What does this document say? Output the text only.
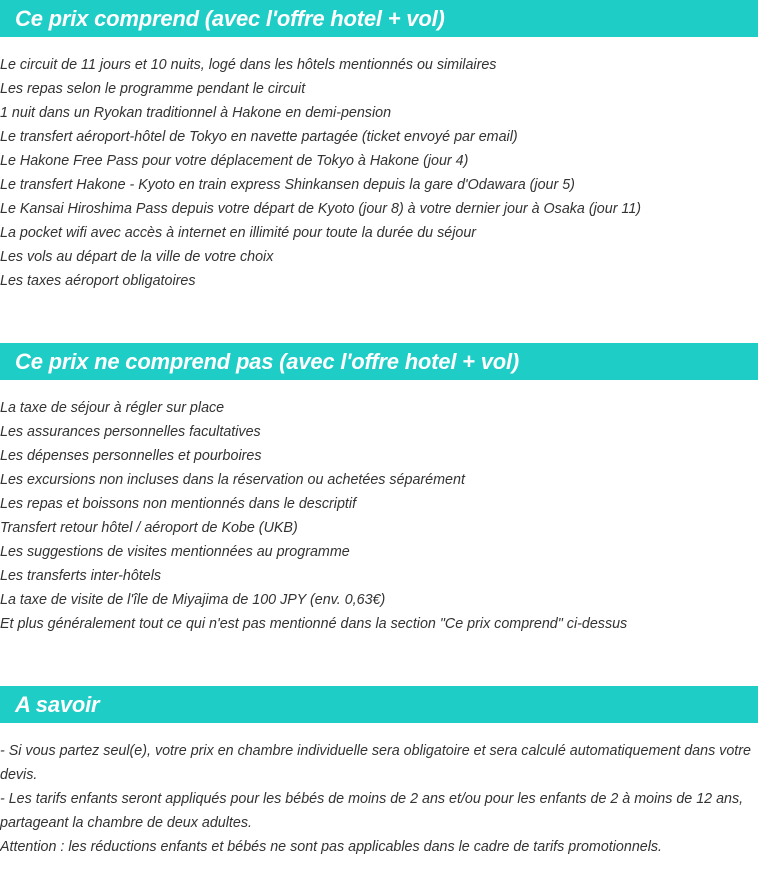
Ce prix comprend (avec l'offre hotel + vol)
Le circuit de 11 jours et 10 nuits, logé dans les hôtels mentionnés ou similaires
Les repas selon le programme pendant le circuit
1 nuit dans un Ryokan traditionnel à Hakone en demi-pension
Le transfert aéroport-hôtel de Tokyo en navette partagée (ticket envoyé par email)
Le Hakone Free Pass pour votre déplacement de Tokyo à Hakone (jour 4)
Le transfert Hakone - Kyoto en train express Shinkansen depuis la gare d'Odawara (jour 5)
Le Kansai Hiroshima Pass depuis votre départ de Kyoto (jour 8) à votre dernier jour à Osaka (jour 11)
La pocket wifi avec accès à internet en illimité pour toute la durée du séjour
Les vols au départ de la ville de votre choix
Les taxes aéroport obligatoires
Ce prix ne comprend pas (avec l'offre hotel + vol)
La taxe de séjour à régler sur place
Les assurances personnelles facultatives
Les dépenses personnelles et pourboires
Les excursions non incluses dans la réservation ou achetées séparément
Les repas et boissons non mentionnés dans le descriptif
Transfert retour hôtel / aéroport de Kobe (UKB)
Les suggestions de visites mentionnées au programme
Les transferts inter-hôtels
La taxe de visite de l'île de Miyajima de 100 JPY (env. 0,63€)
Et plus généralement tout ce qui n'est pas mentionné dans la section "Ce prix comprend" ci-dessus
A savoir

- Si vous partez seul(e), votre prix en chambre individuelle sera obligatoire et sera calculé automatiquement dans votre devis.

- Les tarifs enfants seront appliqués pour les bébés de moins de 2 ans et/ou pour les enfants de 2 à moins de 12 ans, partageant la chambre de deux adultes.

Attention : les réductions enfants et bébés ne sont pas applicables dans le cadre de tarifs promotionnels.
